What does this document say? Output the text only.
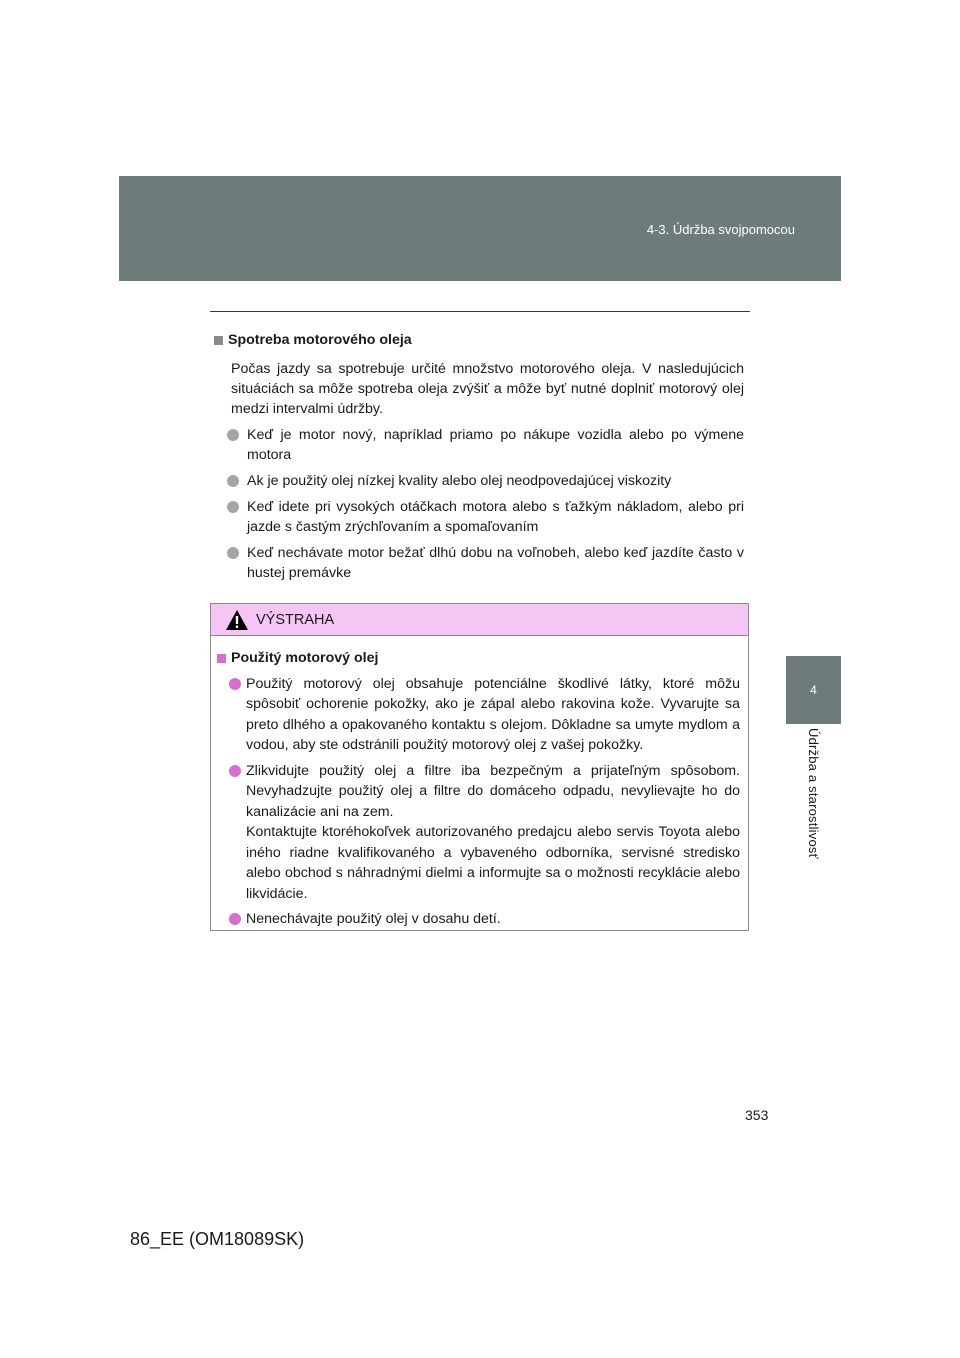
4-3. Údržba svojpomocou
4
Údržba a starostlivosť
Spotreba motorového oleja
Počas jazdy sa spotrebuje určité množstvo motorového oleja. V nasledujúcich situáciách sa môže spotreba oleja zvýšiť a môže byť nutné doplniť motorový olej medzi intervalmi údržby.
Keď je motor nový, napríklad priamo po nákupe vozidla alebo po výmene motora
Ak je použitý olej nízkej kvality alebo olej neodpovedajúcej viskozity
Keď idete pri vysokých otáčkach motora alebo s ťažkým nákladom, alebo pri jazde s častým zrýchľovaním a spomaľovaním
Keď nechávate motor bežať dlhú dobu na voľnobeh, alebo keď jazdíte často v hustej premávke
VÝSTRAHA
Použitý motorový olej
Použitý motorový olej obsahuje potenciálne škodlivé látky, ktoré môžu spôsobiť ochorenie pokožky, ako je zápal alebo rakovina kože. Vyvarujte sa preto dlhého a opakovaného kontaktu s olejom. Dôkladne sa umyte mydlom a vodou, aby ste odstránili použitý motorový olej z vašej pokožky.
Zlikvidujte použitý olej a filtre iba bezpečným a prijateľným spôsobom. Nevyhadzujte použitý olej a filtre do domáceho odpadu, nevylievajte ho do kanalizácie ani na zem.
Kontaktujte ktoréhokoľvek autorizovaného predajcu alebo servis Toyota alebo iného riadne kvalifikovaného a vybaveného odborníka, servisné stredisko alebo obchod s náhradnými dielmi a informujte sa o možnosti recyklácie alebo likvidácie.
Nenechávajte použitý olej v dosahu detí.
353
86_EE (OM18089SK)
